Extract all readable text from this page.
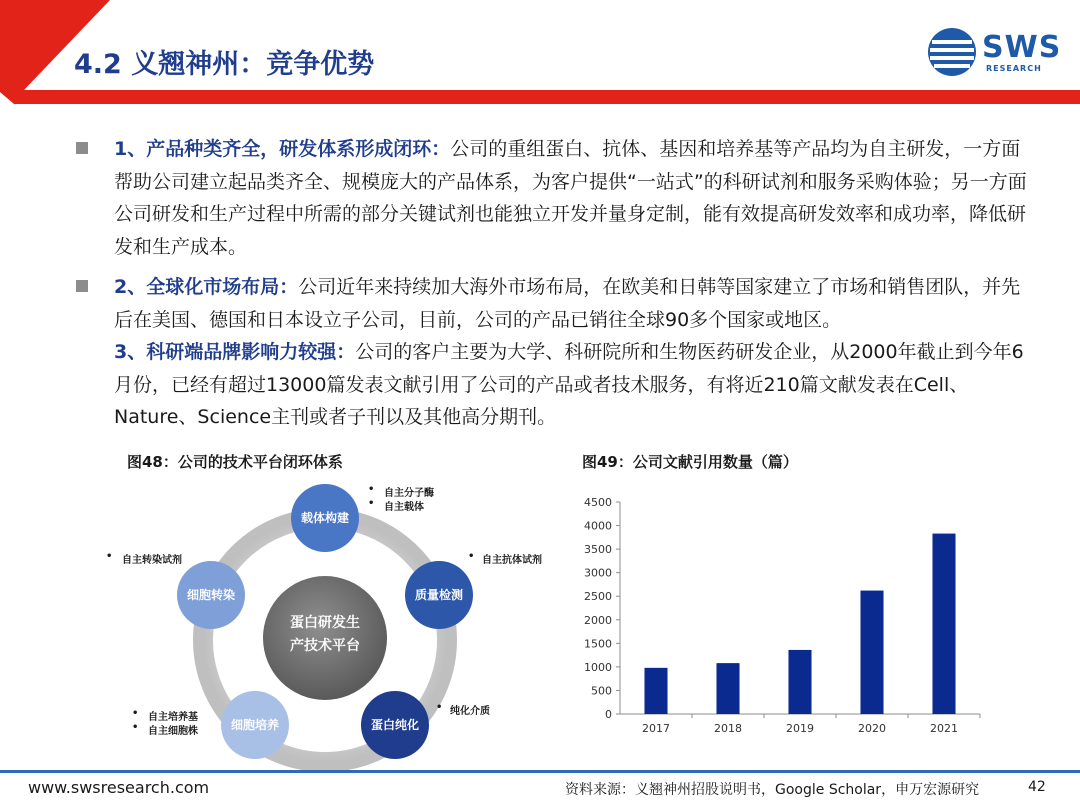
4.2 义翘神州：竞争优势	SWS
RESEARCH
1、产品种类齐全，研发体系形成闭环：公司的重组蛋白、抗体、基因和培养基等产品均为自主研发，一方面帮助公司建立起品类齐全、规模庞大的产品体系，为客户提供“一站式”的科研试剂和服务采购体验；另一方面公司研发和生产过程中所需的部分关键试剂也能独立开发并量身定制，能有效提高研发效率和成功率，降低研发和生产成本。
2、全球化市场布局：公司近年来持续加大海外市场布局，在欧美和日韩等国家建立了市场和销售团队，并先后在美国、德国和日本设立子公司，目前，公司的产品已销往全球90多个国家或地区。
3、科研端品牌影响力较强：公司的客户主要为大学、科研院所和生物医药研发企业，从2000年截止到今年6月份，已经有超过13000篇发表文献引用了公司的产品或者技术服务，有将近210篇文献发表在Cell、Nature、Science主刊或者子刊以及其他高分期刊。
图48：公司的技术平台闭环体系	图49：公司文献引用数量（篇）
蛋白研发生
产技术平台
载体构建
质量检测
蛋白纯化
细胞培养
细胞转染
• 自主分子酶
• 自主载体
• 自主抗体试剂
• 纯化介质
• 自主培养基
• 自主细胞株
• 自主转染试剂
0
500
1000
1500
2000
2500
3000
3500
4000
4500
2017	2018	2019	2020	2021
www.swsresearch.com	资料来源：义翘神州招股说明书，Google Scholar，申万宏源研究	42
